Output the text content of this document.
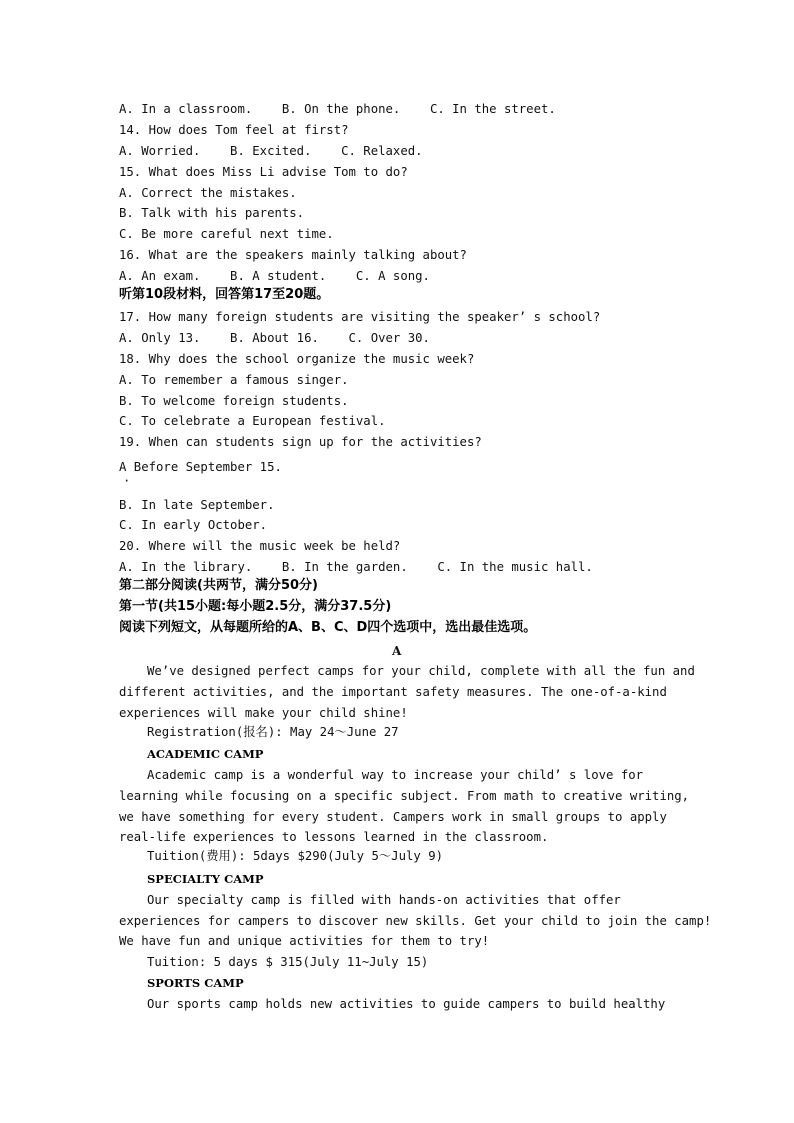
A. In a classroom.    B. On the phone.    C. In the street.

14. How does Tom feel at first?

A. Worried.    B. Excited.    C. Relaxed.

15. What does Miss Li advise Tom to do?

A. Correct the mistakes.

B. Talk with his parents.

C. Be more careful next time.

16. What are the speakers mainly talking about?

A. An exam.    B. A student.    C. A song.

听第10段材料，回答第17至20题。

17. How many foreign students are visiting the speaker’ s school?

A. Only 13.    B. About 16.    C. Over 30.

18. Why does the school organize the music week?

A. To remember a famous singer.

B. To welcome foreign students.

C. To celebrate a European festival.

19. When can students sign up for the activities?

A Before September 15.

·

B. In late September.

C. In early October.

20. Where will the music week be held?

A. In the library.    B. In the garden.    C. In the music hall.

第二部分阅读(共两节，满分50分)

第一节(共15小题:每小题2.5分，满分37.5分)

阅读下列短文，从每题所给的A、B、C、D四个选项中，选出最佳选项。

A

We’ve designed perfect camps for your child, complete with all the fun and

different activities, and the important safety measures. The one-of-a-kind

experiences will make your child shine!

Registration(报名): May 24～June 27

ACADEMIC CAMP

Academic camp is a wonderful way to increase your child’ s love for

learning while focusing on a specific subject. From math to creative writing,

we have something for every student. Campers work in small groups to apply

real-life experiences to lessons learned in the classroom.

Tuition(费用): 5days $290(July 5～July 9)

SPECIALTY CAMP

Our specialty camp is filled with hands-on activities that offer

experiences for campers to discover new skills. Get your child to join the camp!

We have fun and unique activities for them to try!

Tuition: 5 days $ 315(July 11~July 15)

SPORTS CAMP

Our sports camp holds new activities to guide campers to build healthy
